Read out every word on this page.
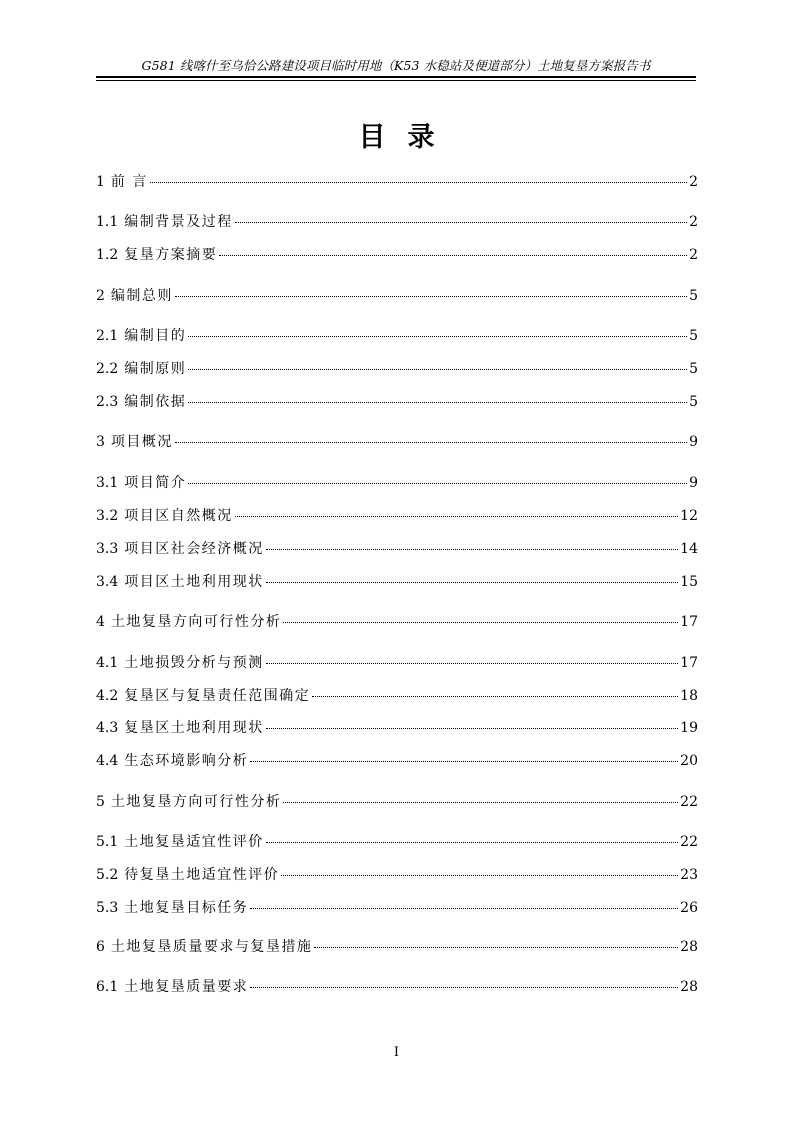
G581 线喀什至乌恰公路建设项目临时用地（K53 水稳站及便道部分）土地复垦方案报告书
目录
1 前 言	2
1.1 编制背景及过程	2
1.2 复垦方案摘要	2
2 编制总则	5
2.1 编制目的	5
2.2 编制原则	5
2.3 编制依据	5
3 项目概况	9
3.1 项目简介	9
3.2 项目区自然概况	12
3.3 项目区社会经济概况	14
3.4 项目区土地利用现状	15
4 土地复垦方向可行性分析	17
4.1 土地损毁分析与预测	17
4.2 复垦区与复垦责任范围确定	18
4.3 复垦区土地利用现状	19
4.4 生态环境影响分析	20
5 土地复垦方向可行性分析	22
5.1 土地复垦适宜性评价	22
5.2 待复垦土地适宜性评价	23
5.3 土地复垦目标任务	26
6 土地复垦质量要求与复垦措施	28
6.1 土地复垦质量要求	28
I
